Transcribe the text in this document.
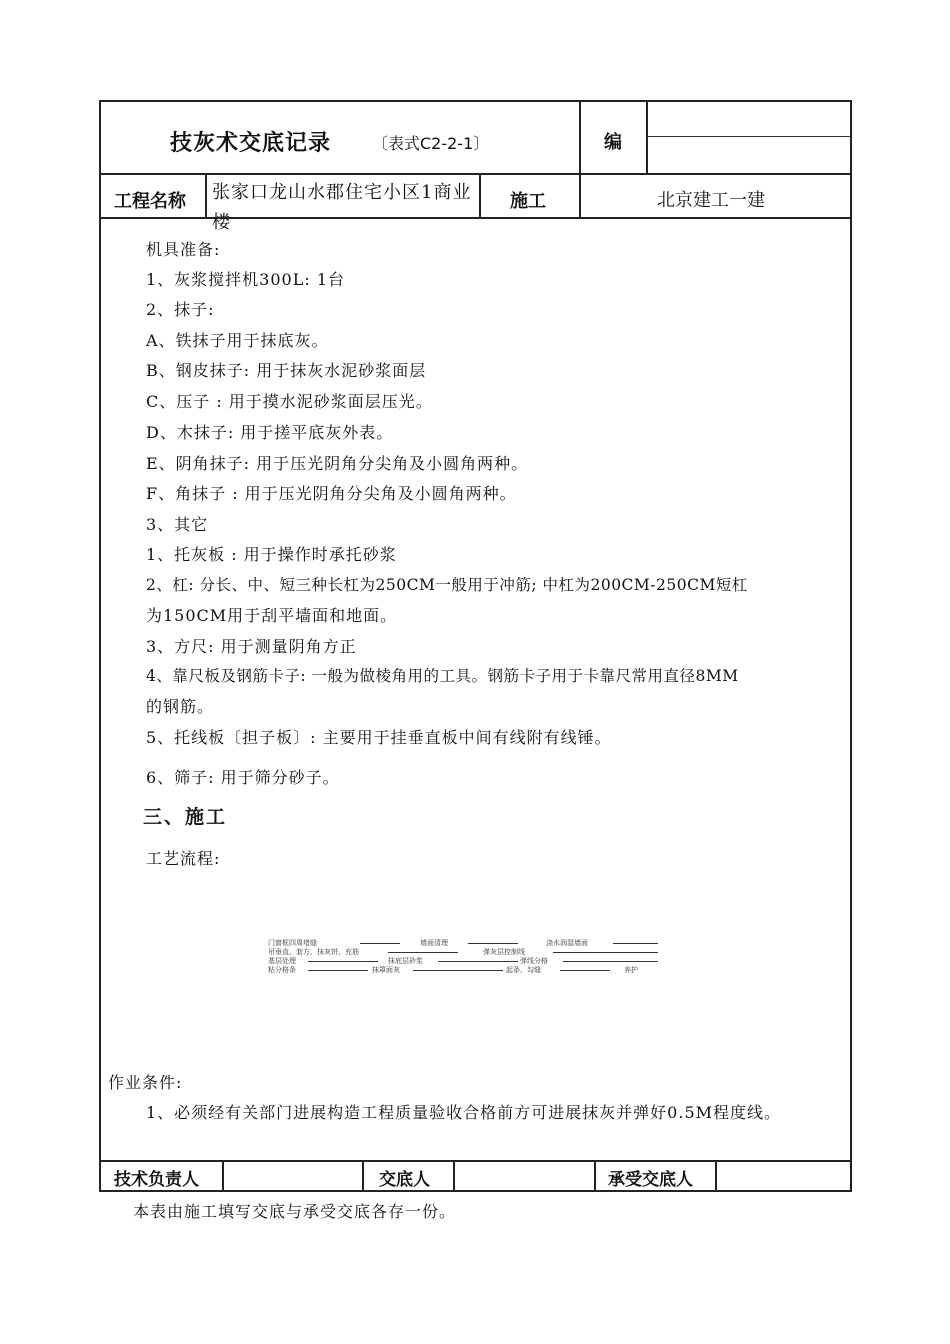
技灰术交底记录	〔表式C2-2-1〕	编
工程名称 张家口龙山水郡住宅小区1商业楼
施工	北京建工一建
机具准备:
1、灰浆搅拌机300L: 1台
2、抹子:
A、铁抹子用于抹底灰。
B、钢皮抹子: 用于抹灰水泥砂浆面层
C、压子 : 用于摸水泥砂浆面层压光。
D、木抹子: 用于搓平底灰外表。
E、阴角抹子: 用于压光阴角分尖角及小圆角两种。
F、角抹子 : 用于压光阴角分尖角及小圆角两种。
3、其它
1、托灰板 : 用于操作时承托砂浆
2、杠: 分长、中、短三种长杠为250CM一般用于冲筋; 中杠为200CM-250CM短杠
为150CM用于刮平墙面和地面。
3、方尺: 用于测量阴角方正
4、靠尺板及钢筋卡子: 一般为做棱角用的工具。钢筋卡子用于卡靠尺常用直径8MM
的钢筋。
5、托线板〔担子板〕: 主要用于挂垂直板中间有线附有线锤。
6、筛子: 用于筛分砂子。
三、施工
工艺流程:
门窗框四周堵缝	墙面清理	浇水润湿墙面
吊垂直、套方、抹灰饼、充筋	弹灰层控制线
基层处理	抹底层砂浆	弹线分格
粘分格条	抹罩面灰	起条、勾缝	养护
作业条件:
1、必须经有关部门进展构造工程质量验收合格前方可进展抹灰并弹好0.5M程度线。
技术负责人	交底人	承受交底人
本表由施工填写交底与承受交底各存一份。
